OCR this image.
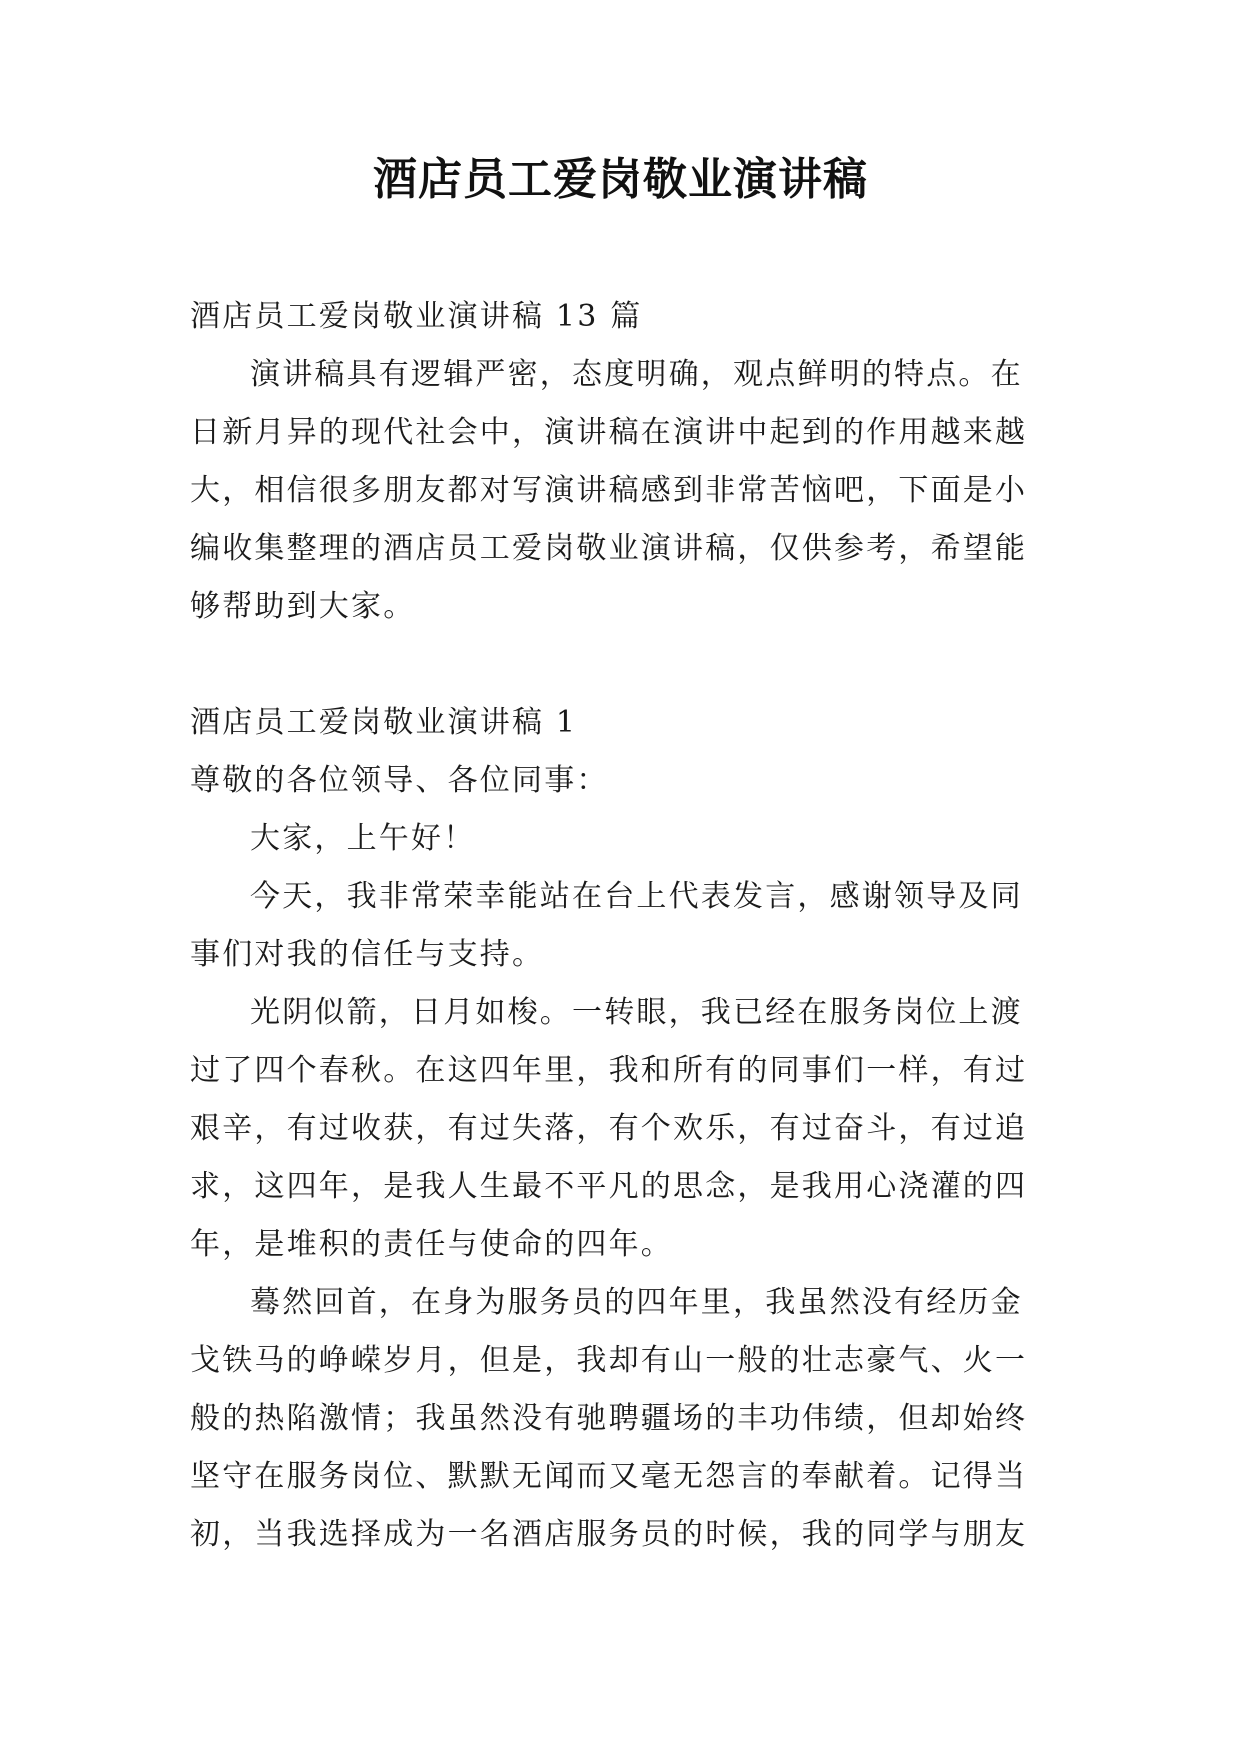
酒店员工爱岗敬业演讲稿

酒店员工爱岗敬业演讲稿 13 篇

演讲稿具有逻辑严密，态度明确，观点鲜明的特点。在日新月异的现代社会中，演讲稿在演讲中起到的作用越来越大，相信很多朋友都对写演讲稿感到非常苦恼吧，下面是小编收集整理的酒店员工爱岗敬业演讲稿，仅供参考，希望能够帮助到大家。

酒店员工爱岗敬业演讲稿 1

尊敬的各位领导、各位同事：

大家，上午好！

今天，我非常荣幸能站在台上代表发言，感谢领导及同事们对我的信任与支持。

光阴似箭，日月如梭。一转眼，我已经在服务岗位上渡过了四个春秋。在这四年里，我和所有的同事们一样，有过艰辛，有过收获，有过失落，有个欢乐，有过奋斗，有过追求，这四年，是我人生最不平凡的思念，是我用心浇灌的四年，是堆积的责任与使命的四年。

蓦然回首，在身为服务员的四年里，我虽然没有经历金戈铁马的峥嵘岁月，但是，我却有山一般的壮志豪气、火一般的热陷激情；我虽然没有驰聘疆场的丰功伟绩，但却始终坚守在服务岗位、默默无闻而又毫无怨言的奉献着。记得当初，当我选择成为一名酒店服务员的时候，我的同学与朋友
